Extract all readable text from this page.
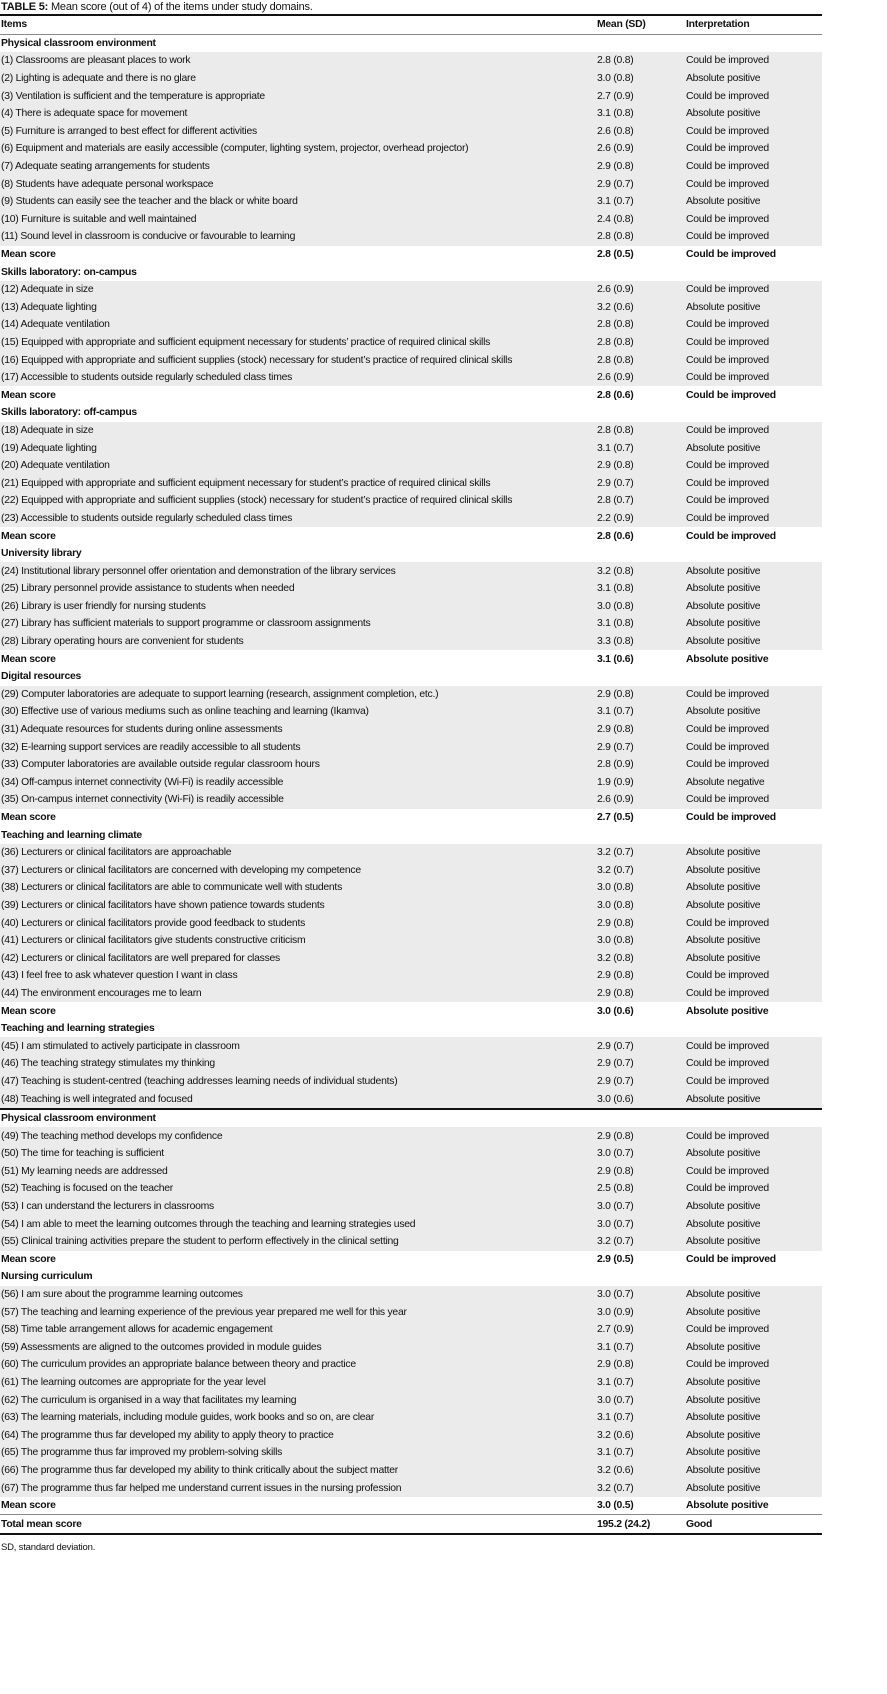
TABLE 5: Mean score (out of 4) of the items under study domains.
Items	Mean (SD)	Interpretation
Physical classroom environment		
(1) Classrooms are pleasant places to work	2.8 (0.8)	Could be improved
(2) Lighting is adequate and there is no glare	3.0 (0.8)	Absolute positive
(3) Ventilation is sufficient and the temperature is appropriate	2.7 (0.9)	Could be improved
(4) There is adequate space for movement	3.1 (0.8)	Absolute positive
(5) Furniture is arranged to best effect for different activities	2.6 (0.8)	Could be improved
(6) Equipment and materials are easily accessible (computer, lighting system, projector, overhead projector)	2.6 (0.9)	Could be improved
(7) Adequate seating arrangements for students	2.9 (0.8)	Could be improved
(8) Students have adequate personal workspace	2.9 (0.7)	Could be improved
(9) Students can easily see the teacher and the black or white board	3.1 (0.7)	Absolute positive
(10) Furniture is suitable and well maintained	2.4 (0.8)	Could be improved
(11) Sound level in classroom is conducive or favourable to learning	2.8 (0.8)	Could be improved
Mean score	2.8 (0.5)	Could be improved
Skills laboratory: on-campus		
(12) Adequate in size	2.6 (0.9)	Could be improved
(13) Adequate lighting	3.2 (0.6)	Absolute positive
(14) Adequate ventilation	2.8 (0.8)	Could be improved
(15) Equipped with appropriate and sufficient equipment necessary for students’ practice of required clinical skills	2.8 (0.8)	Could be improved
(16) Equipped with appropriate and sufficient supplies (stock) necessary for student’s practice of required clinical skills	2.8 (0.8)	Could be improved
(17) Accessible to students outside regularly scheduled class times	2.6 (0.9)	Could be improved
Mean score	2.8 (0.6)	Could be improved
Skills laboratory: off-campus		
(18) Adequate in size	2.8 (0.8)	Could be improved
(19) Adequate lighting	3.1 (0.7)	Absolute positive
(20) Adequate ventilation	2.9 (0.8)	Could be improved
(21) Equipped with appropriate and sufficient equipment necessary for student’s practice of required clinical skills	2.9 (0.7)	Could be improved
(22) Equipped with appropriate and sufficient supplies (stock) necessary for student’s practice of required clinical skills	2.8 (0.7)	Could be improved
(23) Accessible to students outside regularly scheduled class times	2.2 (0.9)	Could be improved
Mean score	2.8 (0.6)	Could be improved
University library		
(24) Institutional library personnel offer orientation and demonstration of the library services	3.2 (0.8)	Absolute positive
(25) Library personnel provide assistance to students when needed	3.1 (0.8)	Absolute positive
(26) Library is user friendly for nursing students	3.0 (0.8)	Absolute positive
(27) Library has sufficient materials to support programme or classroom assignments	3.1 (0.8)	Absolute positive
(28) Library operating hours are convenient for students	3.3 (0.8)	Absolute positive
Mean score	3.1 (0.6)	Absolute positive
Digital resources		
(29) Computer laboratories are adequate to support learning (research, assignment completion, etc.)	2.9 (0.8)	Could be improved
(30) Effective use of various mediums such as online teaching and learning (Ikamva)	3.1 (0.7)	Absolute positive
(31) Adequate resources for students during online assessments	2.9 (0.8)	Could be improved
(32) E-learning support services are readily accessible to all students	2.9 (0.7)	Could be improved
(33) Computer laboratories are available outside regular classroom hours	2.8 (0.9)	Could be improved
(34) Off-campus internet connectivity (Wi-Fi) is readily accessible	1.9 (0.9)	Absolute negative
(35) On-campus internet connectivity (Wi-Fi) is readily accessible	2.6 (0.9)	Could be improved
Mean score	2.7 (0.5)	Could be improved
Teaching and learning climate		
(36) Lecturers or clinical facilitators are approachable	3.2 (0.7)	Absolute positive
(37) Lecturers or clinical facilitators are concerned with developing my competence	3.2 (0.7)	Absolute positive
(38) Lecturers or clinical facilitators are able to communicate well with students	3.0 (0.8)	Absolute positive
(39) Lecturers or clinical facilitators have shown patience towards students	3.0 (0.8)	Absolute positive
(40) Lecturers or clinical facilitators provide good feedback to students	2.9 (0.8)	Could be improved
(41) Lecturers or clinical facilitators give students constructive criticism	3.0 (0.8)	Absolute positive
(42) Lecturers or clinical facilitators are well prepared for classes	3.2 (0.8)	Absolute positive
(43) I feel free to ask whatever question I want in class	2.9 (0.8)	Could be improved
(44) The environment encourages me to learn	2.9 (0.8)	Could be improved
Mean score	3.0 (0.6)	Absolute positive
Teaching and learning strategies		
(45) I am stimulated to actively participate in classroom	2.9 (0.7)	Could be improved
(46) The teaching strategy stimulates my thinking	2.9 (0.7)	Could be improved
(47) Teaching is student-centred (teaching addresses learning needs of individual students)	2.9 (0.7)	Could be improved
(48) Teaching is well integrated and focused	3.0 (0.6)	Absolute positive
Physical classroom environment		
(49) The teaching method develops my confidence	2.9 (0.8)	Could be improved
(50) The time for teaching is sufficient	3.0 (0.7)	Absolute positive
(51) My learning needs are addressed	2.9 (0.8)	Could be improved
(52) Teaching is focused on the teacher	2.5 (0.8)	Could be improved
(53) I can understand the lecturers in classrooms	3.0 (0.7)	Absolute positive
(54) I am able to meet the learning outcomes through the teaching and learning strategies used	3.0 (0.7)	Absolute positive
(55) Clinical training activities prepare the student to perform effectively in the clinical setting	3.2 (0.7)	Absolute positive
Mean score	2.9 (0.5)	Could be improved
Nursing curriculum		
(56) I am sure about the programme learning outcomes	3.0 (0.7)	Absolute positive
(57) The teaching and learning experience of the previous year prepared me well for this year	3.0 (0.9)	Absolute positive
(58) Time table arrangement allows for academic engagement	2.7 (0.9)	Could be improved
(59) Assessments are aligned to the outcomes provided in module guides	3.1 (0.7)	Absolute positive
(60) The curriculum provides an appropriate balance between theory and practice	2.9 (0.8)	Could be improved
(61) The learning outcomes are appropriate for the year level	3.1 (0.7)	Absolute positive
(62) The curriculum is organised in a way that facilitates my learning	3.0 (0.7)	Absolute positive
(63) The learning materials, including module guides, work books and so on, are clear	3.1 (0.7)	Absolute positive
(64) The programme thus far developed my ability to apply theory to practice	3.2 (0.6)	Absolute positive
(65) The programme thus far improved my problem-solving skills	3.1 (0.7)	Absolute positive
(66) The programme thus far developed my ability to think critically about the subject matter	3.2 (0.6)	Absolute positive
(67) The programme thus far helped me understand current issues in the nursing profession	3.2 (0.7)	Absolute positive
Mean score	3.0 (0.5)	Absolute positive
Total mean score	195.2 (24.2)	Good
SD, standard deviation.
